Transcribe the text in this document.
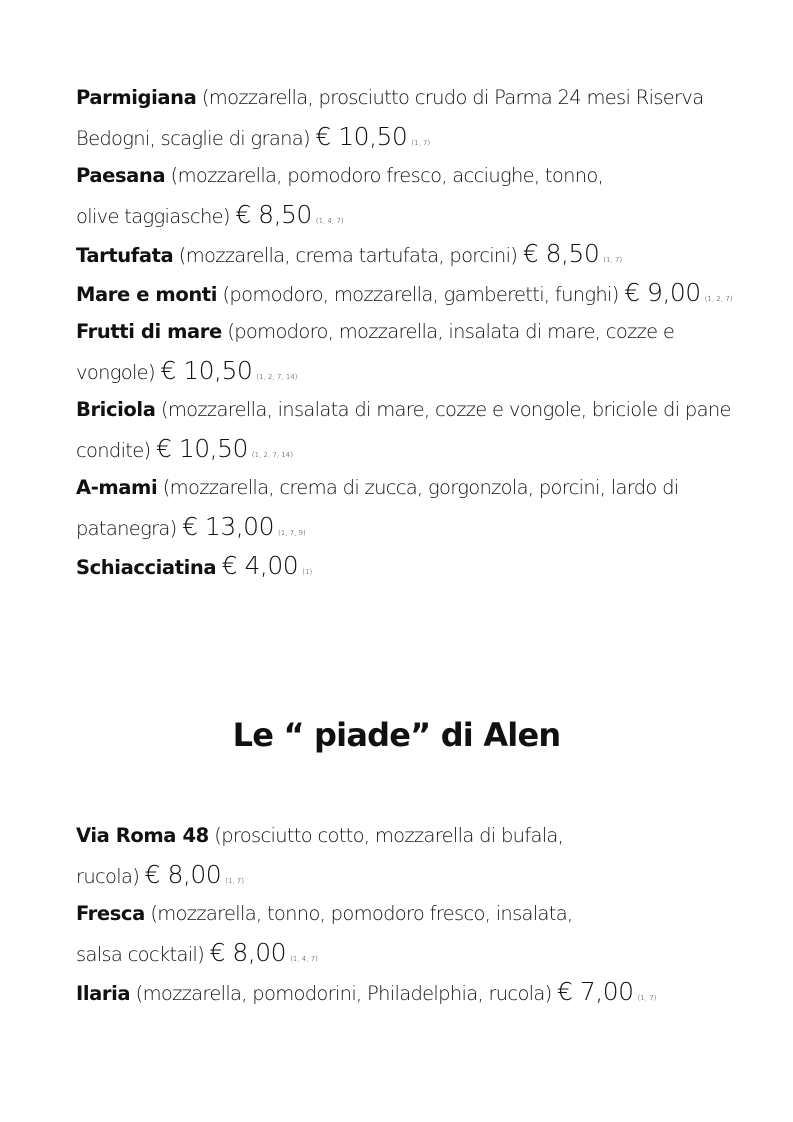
Parmigiana (mozzarella, prosciutto crudo di Parma 24 mesi Riserva
Bedogni, scaglie di grana) € 10,50 (1, 7)
Paesana (mozzarella, pomodoro fresco, acciughe, tonno,
olive taggiasche) € 8,50 (1, 4, 7)
Tartufata (mozzarella, crema tartufata, porcini) € 8,50 (1, 7)
Mare e monti (pomodoro, mozzarella, gamberetti, funghi) € 9,00 (1, 2, 7)
Frutti di mare (pomodoro, mozzarella, insalata di mare, cozze e
vongole) € 10,50 (1, 2, 7, 14)
Briciola (mozzarella, insalata di mare, cozze e vongole, briciole di pane
condite) € 10,50 (1, 2, 7, 14)
A-mami (mozzarella, crema di zucca, gorgonzola, porcini, lardo di
patanegra) € 13,00 (1, 7, 9)
Schiacciatina € 4,00 (1)
Le “ piade” di Alen
Via Roma 48 (prosciutto cotto, mozzarella di bufala,
rucola) € 8,00 (1, 7)
Fresca (mozzarella, tonno, pomodoro fresco, insalata,
salsa cocktail) € 8,00 (1, 4, 7)
Ilaria (mozzarella, pomodorini, Philadelphia, rucola) € 7,00 (1, 7)
